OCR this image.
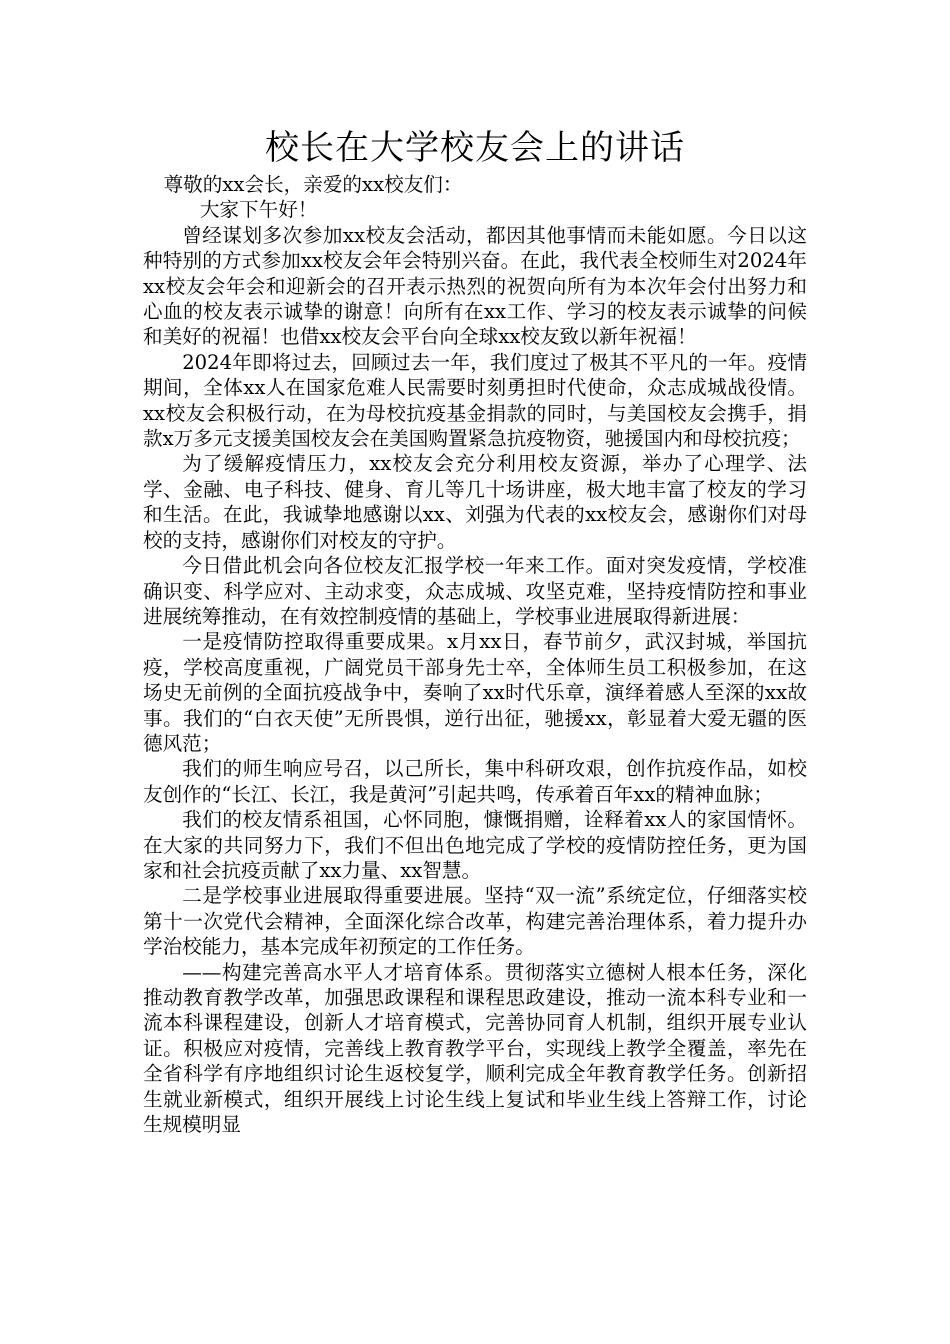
校长在大学校友会上的讲话

尊敬的xx会长，亲爱的xx校友们：

大家下午好！

曾经谋划多次参加xx校友会活动，都因其他事情而未能如愿。今日以这种特别的方式参加xx校友会年会特别兴奋。在此，我代表全校师生对2024年xx校友会年会和迎新会的召开表示热烈的祝贺向所有为本次年会付出努力和心血的校友表示诚挚的谢意！向所有在xx工作、学习的校友表示诚挚的问候和美好的祝福！也借xx校友会平台向全球xx校友致以新年祝福！

2024年即将过去，回顾过去一年，我们度过了极其不平凡的一年。疫情期间，全体xx人在国家危难人民需要时刻勇担时代使命，众志成城战役情。xx校友会积极行动，在为母校抗疫基金捐款的同时，与美国校友会携手，捐款x万多元支援美国校友会在美国购置紧急抗疫物资，驰援国内和母校抗疫；

为了缓解疫情压力，xx校友会充分利用校友资源，举办了心理学、法学、金融、电子科技、健身、育儿等几十场讲座，极大地丰富了校友的学习和生活。在此，我诚挚地感谢以xx、刘强为代表的xx校友会，感谢你们对母校的支持，感谢你们对校友的守护。

今日借此机会向各位校友汇报学校一年来工作。面对突发疫情，学校准确识变、科学应对、主动求变，众志成城、攻坚克难，坚持疫情防控和事业进展统筹推动，在有效控制疫情的基础上，学校事业进展取得新进展：

一是疫情防控取得重要成果。x月xx日，春节前夕，武汉封城，举国抗疫，学校高度重视，广阔党员干部身先士卒，全体师生员工积极参加，在这场史无前例的全面抗疫战争中，奏响了xx时代乐章，演绎着感人至深的xx故事。我们的“白衣天使”无所畏惧，逆行出征，驰援xx，彰显着大爱无疆的医德风范；

我们的师生响应号召，以己所长，集中科研攻艰，创作抗疫作品，如校友创作的“长江、长江，我是黄河”引起共鸣，传承着百年xx的精神血脉；

我们的校友情系祖国，心怀同胞，慷慨捐赠，诠释着xx人的家国情怀。在大家的共同努力下，我们不但出色地完成了学校的疫情防控任务，更为国家和社会抗疫贡献了xx力量、xx智慧。

二是学校事业进展取得重要进展。坚持“双一流”系统定位，仔细落实校第十一次党代会精神，全面深化综合改革，构建完善治理体系，着力提升办学治校能力，基本完成年初预定的工作任务。

——构建完善高水平人才培育体系。贯彻落实立德树人根本任务，深化推动教育教学改革，加强思政课程和课程思政建设，推动一流本科专业和一流本科课程建设，创新人才培育模式，完善协同育人机制，组织开展专业认证。积极应对疫情，完善线上教育教学平台，实现线上教学全覆盖，率先在全省科学有序地组织讨论生返校复学，顺利完成全年教育教学任务。创新招生就业新模式，组织开展线上讨论生线上复试和毕业生线上答辩工作，讨论生规模明显
